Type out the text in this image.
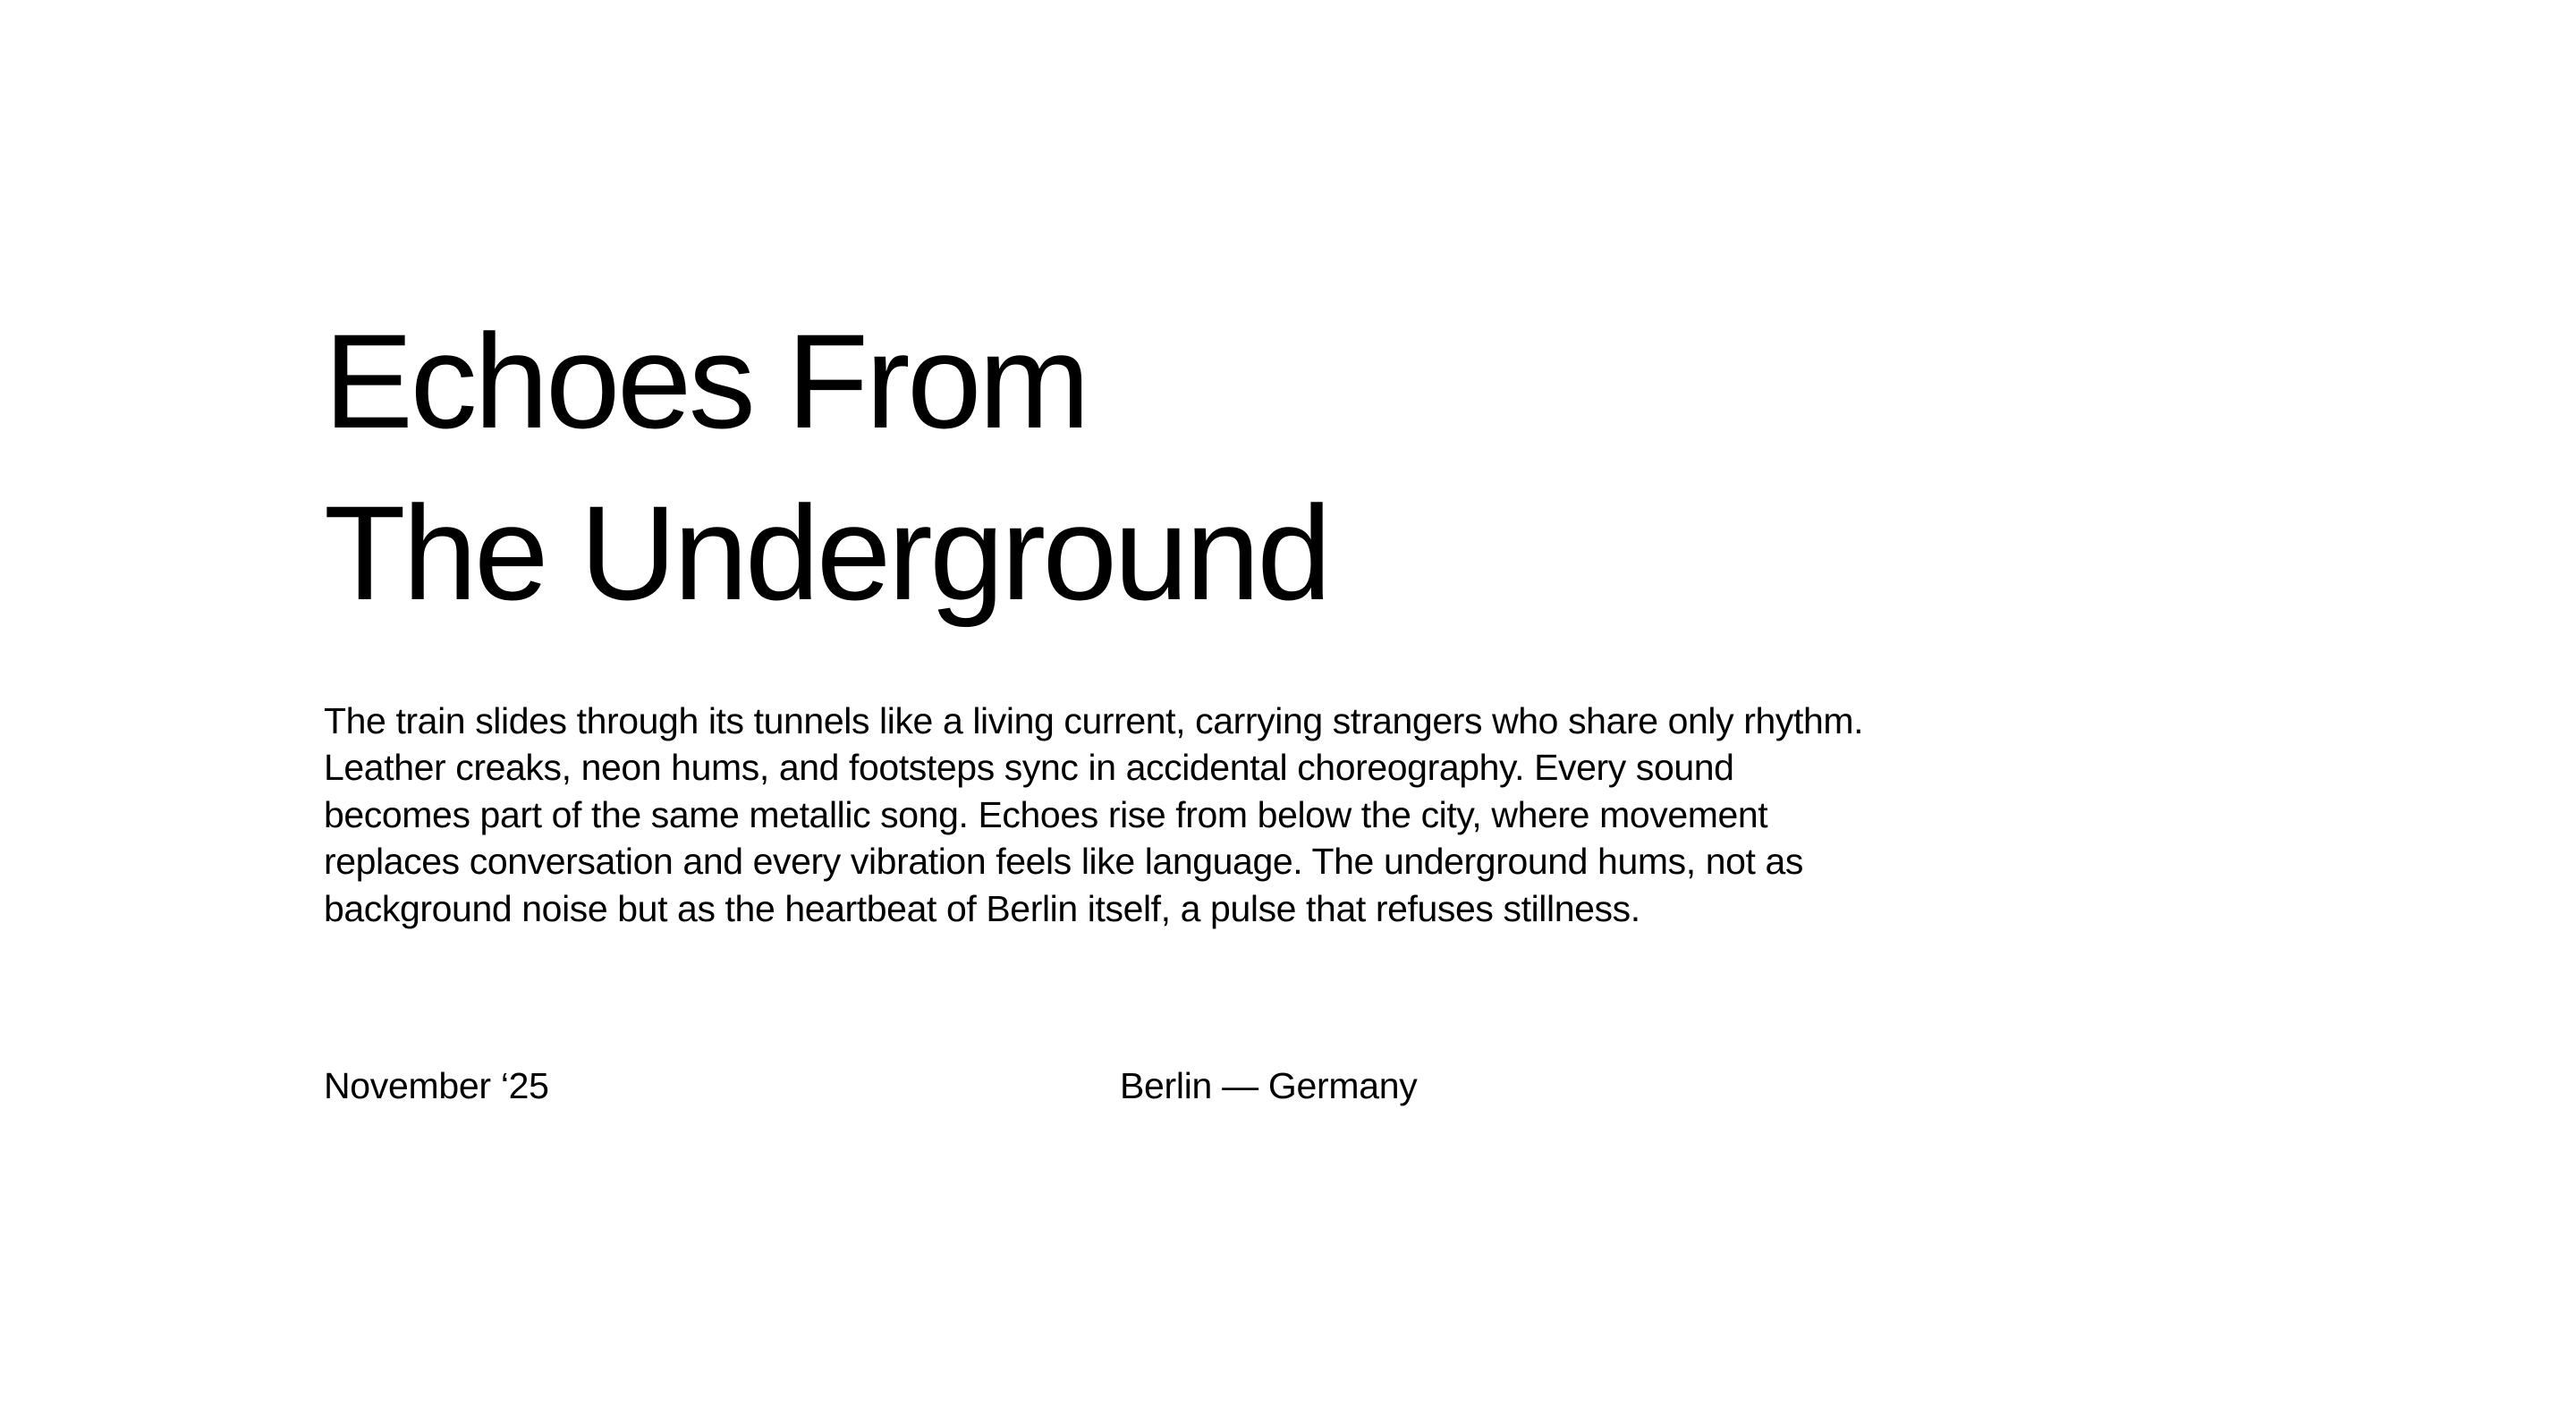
Echoes From
The Underground
The train slides through its tunnels like a living current, carrying strangers who share only rhythm.
Leather creaks, neon hums, and footsteps sync in accidental choreography. Every sound
becomes part of the same metallic song. Echoes rise from below the city, where movement
replaces conversation and every vibration feels like language. The underground hums, not as
background noise but as the heartbeat of Berlin itself, a pulse that refuses stillness.
November ‘25	Berlin — Germany
